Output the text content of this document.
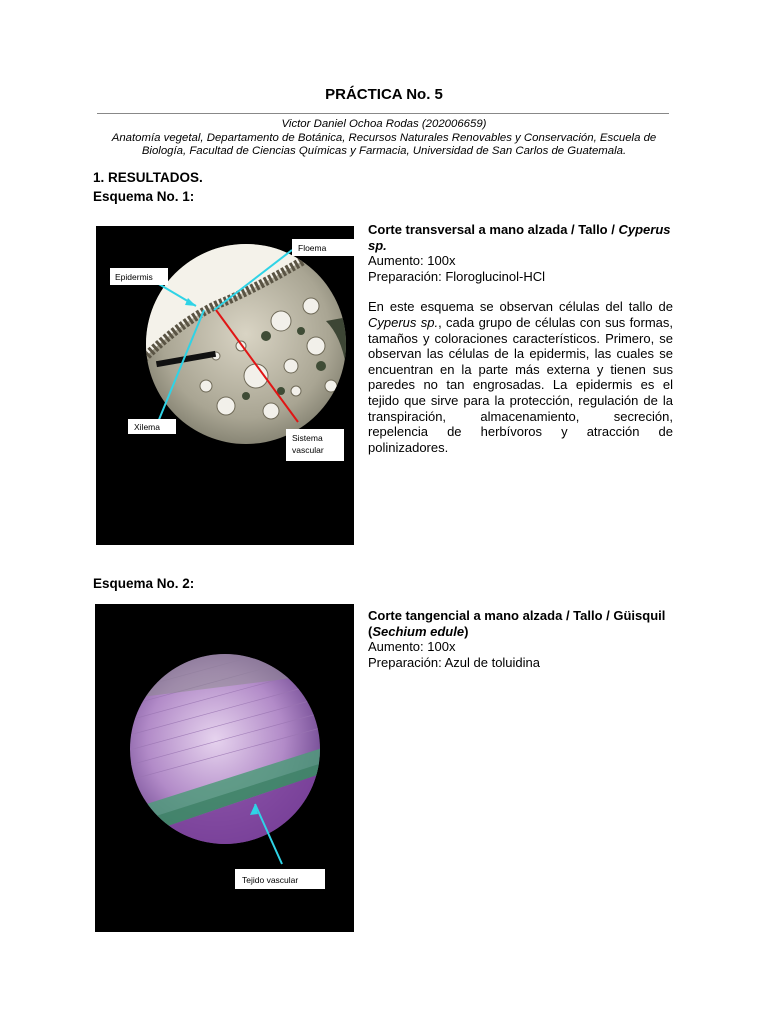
PRÁCTICA No. 5
Victor Daniel Ochoa Rodas (202006659)
Anatomía vegetal, Departamento de Botánica, Recursos Naturales Renovables y Conservación, Escuela de Biología, Facultad de Ciencias Químicas y Farmacia, Universidad de San Carlos de Guatemala.
1. RESULTADOS.
Esquema No. 1:
Floema
Epidermis
Xilema
Sistema
vascular
Corte transversal a mano alzada / Tallo / Cyperus sp.
Aumento: 100x
Preparación: Floroglucinol-HCl

En este esquema se observan células del tallo de Cyperus sp., cada grupo de células con sus formas, tamaños y coloraciones característicos. Primero, se observan las células de la epidermis, las cuales se encuentran en la parte más externa y tienen sus paredes no tan engrosadas. La epidermis es el tejido que sirve para la protección, regulación de la transpiración, almacenamiento, secreción, repelencia de herbívoros y atracción de polinizadores.

Esquema No. 2:
Tejido vascular
Corte tangencial a mano alzada / Tallo / Güisquil (Sechium edule)
Aumento: 100x
Preparación: Azul de toluidina
